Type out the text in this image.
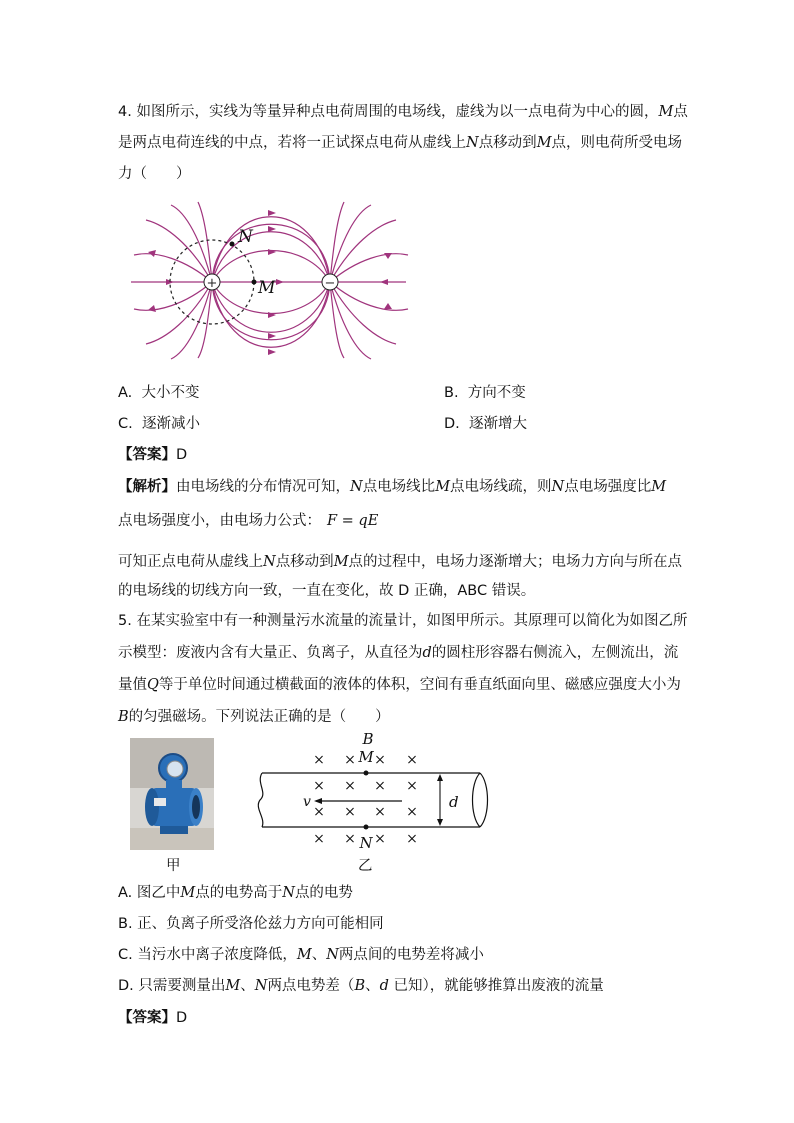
4. 如图所示，实线为等量异种点电荷周围的电场线，虚线为以一点电荷为中心的圆，M点
是两点电荷连线的中点，若将一正试探点电荷从虚线上N点移动到M点，则电荷所受电场
力（　　）
+	−
N
M
A. 大小不变	B. 方向不变
C. 逐渐减小	D. 逐渐增大
【答案】D
【解析】由电场线的分布情况可知，N点电场线比M点电场线疏，则N点电场强度比M
点电场强度小，由电场力公式： F = qE
可知正点电荷从虚线上N点移动到M点的过程中，电场力逐渐增大；电场力方向与所在点
的电场线的切线方向一致，一直在变化，故 D 正确，ABC 错误。
5. 在某实验室中有一种测量污水流量的流量计，如图甲所示。其原理可以简化为如图乙所
示模型：废液内含有大量正、负离子，从直径为d的圆柱形容器右侧流入，左侧流出，流
量值Q等于单位时间通过横截面的液体的体积，空间有垂直纸面向里、磁感应强度大小为
B的匀强磁场。下列说法正确的是（　　）
B
M
N
× × × ×
× × × ×
× × ×
×
× × × ×
v	d
甲	乙
A. 图乙中M点的电势高于N点的电势
B. 正、负离子所受洛伦兹力方向可能相同
C. 当污水中离子浓度降低，M、N两点间的电势差将减小
D. 只需要测量出M、N两点电势差（B、d 已知），就能够推算出废液的流量
【答案】D
